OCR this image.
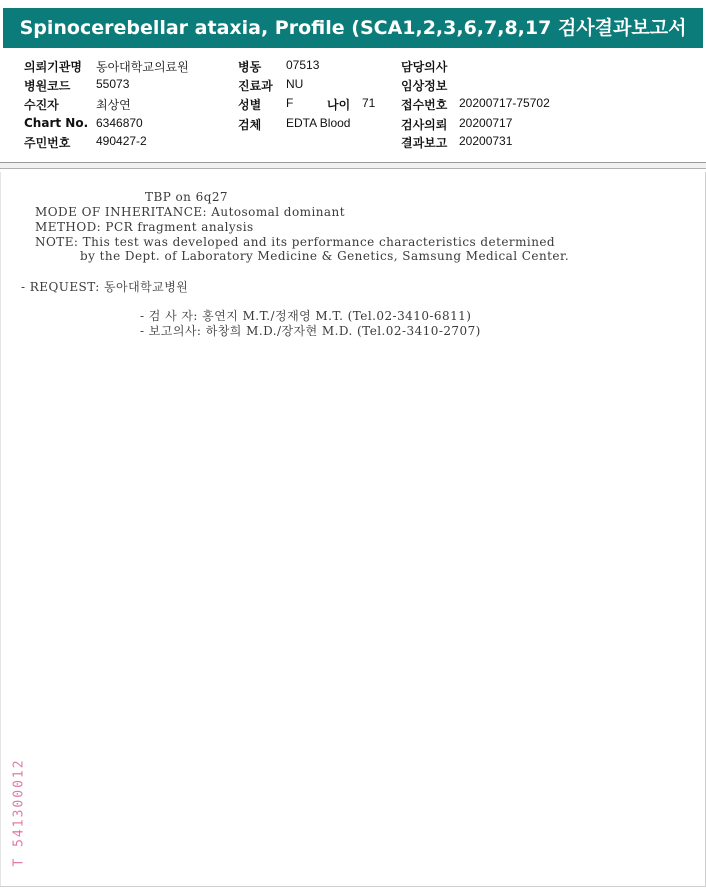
Spinocerebellar ataxia, Profile (SCA1,2,3,6,7,8,17 검사결과보고서
의뢰기관명 동아대학교의료원
병원코드 55073
수진자	최상연
Chart No. 6346870
주민번호 490427-2
병동 07513
진료과 NU
성별 F	나이 71
검체 EDTA Blood
담당의사
임상정보
접수번호 20200717-75702
검사의뢰 20200717
결과보고 20200731
TBP on 6q27
MODE OF INHERITANCE: Autosomal dominant
METHOD: PCR fragment analysis
NOTE: This test was developed and its performance characteristics determined
by the Dept. of Laboratory Medicine & Genetics, Samsung Medical Center.
- REQUEST: 동아대학교병원
- 검 사 자: 홍연지 M.T./정재영 M.T. (Tel.02-3410-6811)
- 보고의사: 하창희 M.D./장자현 M.D. (Tel.02-3410-2707)
T 541300012
